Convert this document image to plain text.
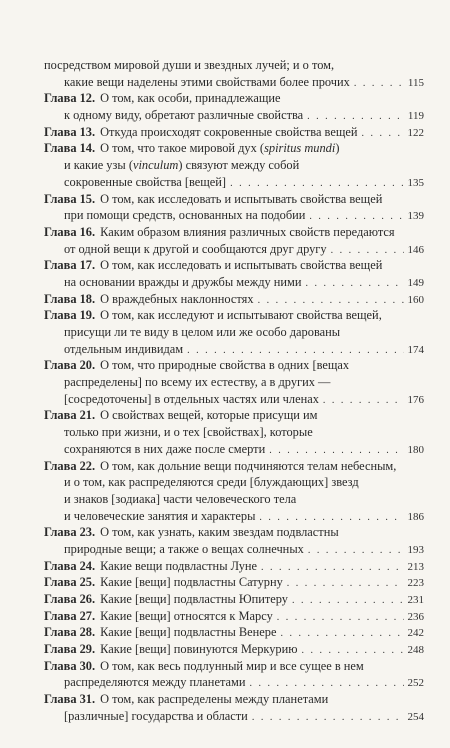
посредством мировой души и звездных лучей; и о том,
какие вещи наделены этими свойствами более прочих . . .	115
Глава 12. О том, как особи, принадлежащие
к одному виду, обретают различные свойства . . .	119
Глава 13. Откуда происходят сокровенные свойства вещей . . .	122
Глава 14. О том, что такое мировой дух (spiritus mundi)
и какие узы (vinculum) связуют между собой
сокровенные свойства [вещей] . . .	135
Глава 15. О том, как исследовать и испытывать свойства вещей
при помощи средств, основанных на подобии . . .	139
Глава 16. Каким образом влияния различных свойств передаются
от одной вещи к другой и сообщаются друг другу . . .	146
Глава 17. О том, как исследовать и испытывать свойства вещей
на основании вражды и дружбы между ними . . .	149
Глава 18. О враждебных наклонностях . . .	160
Глава 19. О том, как исследуют и испытывают свойства вещей,
присущи ли те виду в целом или же особо дарованы
отдельным индивидам . . .	174
Глава 20. О том, что природные свойства в одних [вещах
распределены] по всему их естеству, а в других —
[сосредоточены] в отдельных частях или членах . . .	176
Глава 21. О свойствах вещей, которые присущи им
только при жизни, и о тех [свойствах], которые
сохраняются в них даже после смерти . . .	180
Глава 22. О том, как дольние вещи подчиняются телам небесным,
и о том, как распределяются среди [блуждающих] звезд
и знаков [зодиака] части человеческого тела
и человеческие занятия и характеры . . .	186
Глава 23. О том, как узнать, каким звездам подвластны
природные вещи; а также о вещах солнечных . . .	193
Глава 24. Какие вещи подвластны Луне . . .	213
Глава 25. Какие [вещи] подвластны Сатурну . . .	223
Глава 26. Какие [вещи] подвластны Юпитеру . . .	231
Глава 27. Какие [вещи] относятся к Марсу . . .	236
Глава 28. Какие [вещи] подвластны Венере . . .	242
Глава 29. Какие [вещи] повинуются Меркурию . . .	248
Глава 30. О том, как весь подлунный мир и все сущее в нем
распределяются между планетами . . .	252
Глава 31. О том, как распределены между планетами
[различные] государства и области . . .	254
